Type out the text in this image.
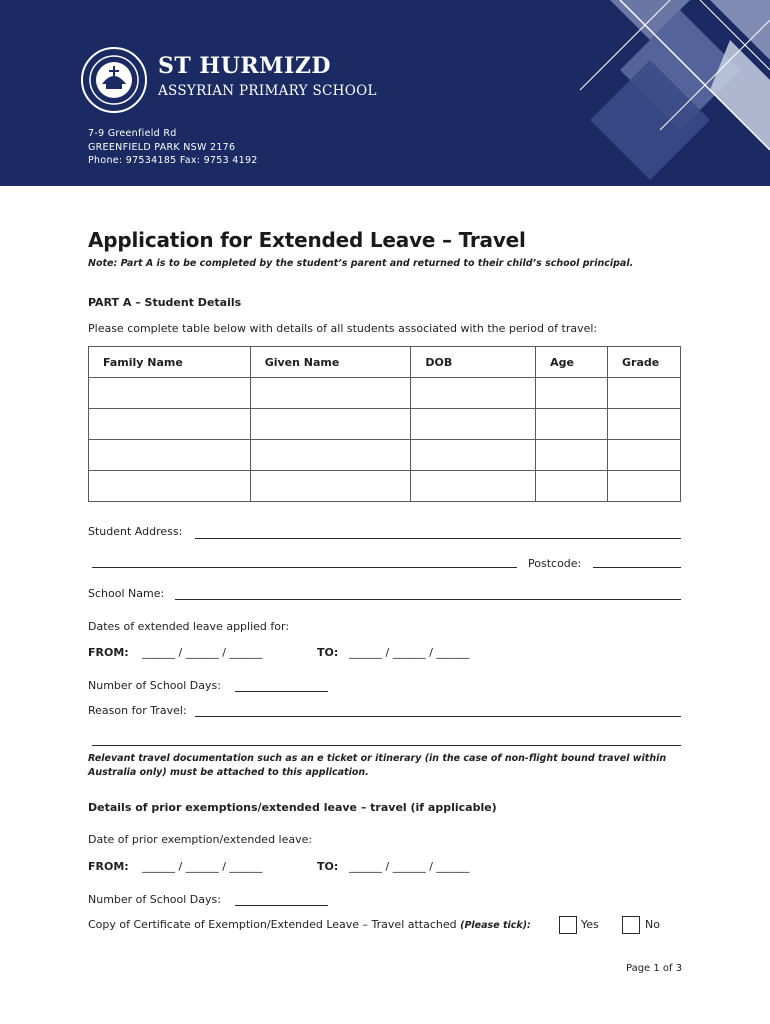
ST HURMIZD
ASSYRIAN PRIMARY SCHOOL
7-9 Greenfield Rd
GREENFIELD PARK NSW 2176
Phone: 97534185 Fax: 9753 4192
Application for Extended Leave – Travel
Note: Part A is to be completed by the student’s parent and returned to their child’s school principal.
PART A – Student Details
Please complete table below with details of all students associated with the period of travel:
Family Name	Given Name	DOB	Age	Grade

Student Address:
Postcode:
School Name:
Dates of extended leave applied for:
FROM: ______ / ______ / ______	TO: ______ / ______ / ______
Number of School Days:
Reason for Travel:
Relevant travel documentation such as an e ticket or itinerary (in the case of non-flight bound travel within Australia only) must be attached to this application.
Details of prior exemptions/extended leave – travel (if applicable)
Date of prior exemption/extended leave:
FROM: ______ / ______ / ______	TO: ______ / ______ / ______
Number of School Days:
Copy of Certificate of Exemption/Extended Leave – Travel attached (Please tick):	Yes	No
Page 1 of 3
